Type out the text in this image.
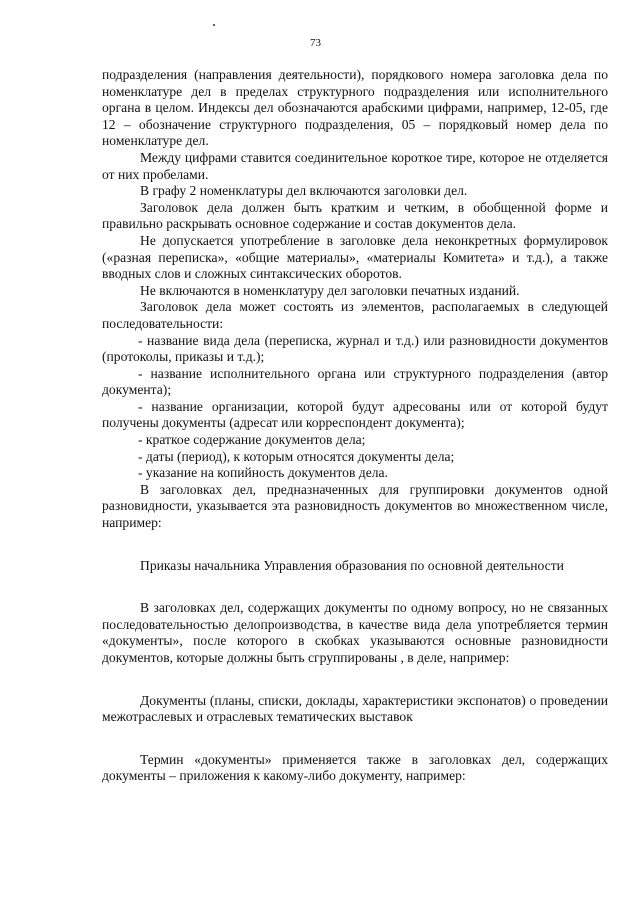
73

подразделения (направления деятельности), порядкового номера заголовка дела по номенклатуре дел в пределах структурного подразделения или исполнительного органа в целом. Индексы дел обозначаются арабскими цифрами, например, 12-05, где 12 – обозначение структурного подразделения, 05 – порядковый номер дела по номенклатуре дел.

Между цифрами ставится соединительное короткое тире, которое не отделяется от них пробелами.

В графу 2 номенклатуры дел включаются заголовки дел.

Заголовок дела должен быть кратким и четким, в обобщенной форме и правильно раскрывать основное содержание и состав документов дела.

Не допускается употребление в заголовке дела неконкретных формулировок («разная переписка», «общие материалы», «материалы Комитета» и т.д.), а также вводных слов и сложных синтаксических оборотов.

Не включаются в номенклатуру дел заголовки печатных изданий.

Заголовок дела может состоять из элементов, располагаемых в следующей последовательности:

- название вида дела (переписка, журнал и т.д.) или разновидности документов (протоколы, приказы и т.д.);

- название исполнительного органа или структурного подразделения (автор документа);

- название организации, которой будут адресованы или от которой будут получены документы (адресат или корреспондент документа);

- краткое содержание документов дела;

- даты (период), к которым относятся документы дела;

- указание на копийность документов дела.

В заголовках дел, предназначенных для группировки документов одной разновидности, указывается эта разновидность документов во множественном числе, например:

Приказы начальника Управления образования по основной деятельности

В заголовках дел, содержащих документы по одному вопросу, но не связанных последовательностью делопроизводства, в качестве вида дела употребляется термин «документы», после которого в скобках указываются основные разновидности документов, которые должны быть сгруппированы , в деле, например:

Документы (планы, списки, доклады, характеристики экспонатов) о проведении межотраслевых и отраслевых тематических выставок

Термин «документы» применяется также в заголовках дел, содержащих документы – приложения к какому-либо документу, например:
